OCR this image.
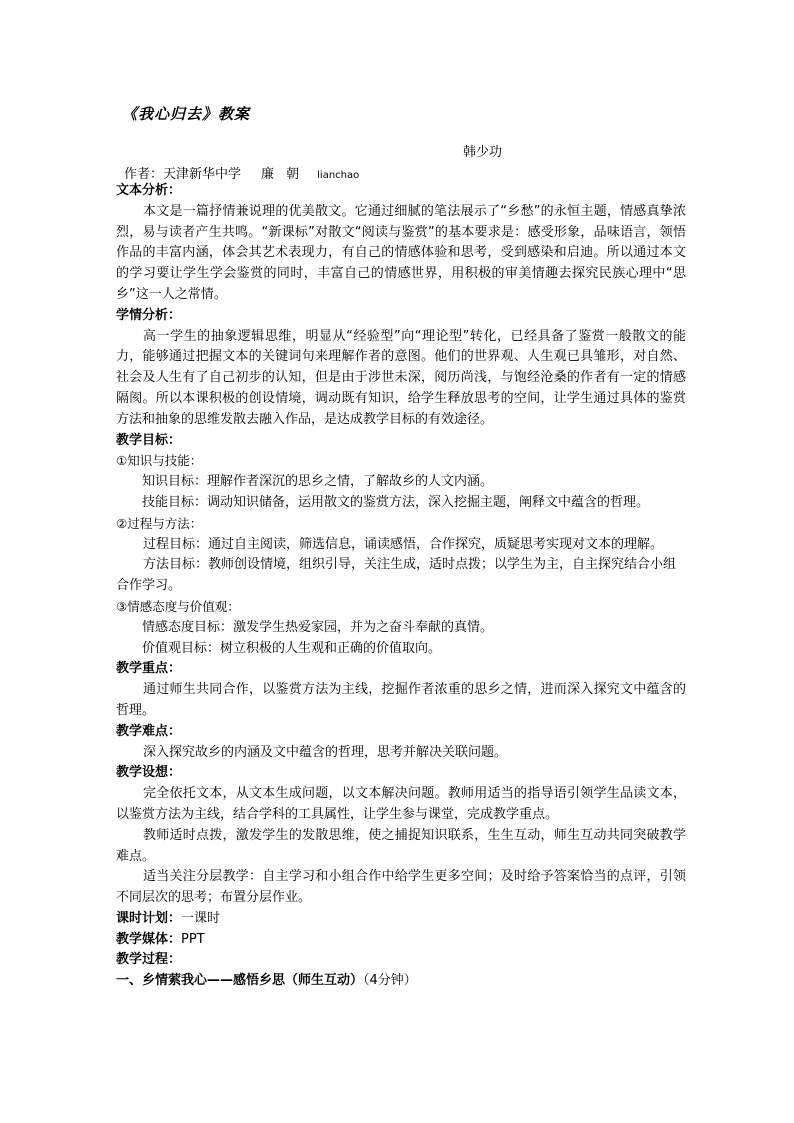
《我心归去》教案
韩少功
作者：天津新华中学 廉 朝 lianchao
文本分析：
本文是一篇抒情兼说理的优美散文。它通过细腻的笔法展示了“乡愁”的永恒主题，情感真挚浓烈，易与读者产生共鸣。“新课标”对散文“阅读与鉴赏”的基本要求是：感受形象，品味语言，领悟作品的丰富内涵，体会其艺术表现力，有自己的情感体验和思考，受到感染和启迪。所以通过本文的学习要让学生学会鉴赏的同时，丰富自己的情感世界，用积极的审美情趣去探究民族心理中“思乡”这一人之常情。
学情分析：
高一学生的抽象逻辑思维，明显从“经验型”向“理论型”转化，已经具备了鉴赏一般散文的能力，能够通过把握文本的关键词句来理解作者的意图。他们的世界观、人生观已具雏形，对自然、社会及人生有了自己初步的认知，但是由于涉世未深，阅历尚浅，与饱经沧桑的作者有一定的情感隔阂。所以本课积极的创设情境，调动既有知识，给学生释放思考的空间，让学生通过具体的鉴赏方法和抽象的思维发散去融入作品，是达成教学目标的有效途径。
教学目标：
①知识与技能：
知识目标：理解作者深沉的思乡之情，了解故乡的人文内涵。
技能目标：调动知识储备，运用散文的鉴赏方法，深入挖掘主题，阐释文中蕴含的哲理。
②过程与方法：
过程目标：通过自主阅读，筛选信息，诵读感悟，合作探究，质疑思考实现对文本的理解。
方法目标：教师创设情境，组织引导，关注生成，适时点拨；以学生为主，自主探究结合小组合作学习。
③情感态度与价值观：
情感态度目标：激发学生热爱家园，并为之奋斗奉献的真情。
价值观目标：树立积极的人生观和正确的价值取向。
教学重点：
通过师生共同合作，以鉴赏方法为主线，挖掘作者浓重的思乡之情，进而深入探究文中蕴含的哲理。
教学难点：
深入探究故乡的内涵及文中蕴含的哲理，思考并解决关联问题。
教学设想：
完全依托文本，从文本生成问题，以文本解决问题。教师用适当的指导语引领学生品读文本，以鉴赏方法为主线，结合学科的工具属性，让学生参与课堂，完成教学重点。
教师适时点拨，激发学生的发散思维，使之捕捉知识联系，生生互动，师生互动共同突破教学难点。
适当关注分层教学：自主学习和小组合作中给学生更多空间；及时给予答案恰当的点评，引领不同层次的思考；布置分层作业。
课时计划：一课时
教学媒体：PPT
教学过程：
一、乡情萦我心——感悟乡思（师生互动）（4分钟）
